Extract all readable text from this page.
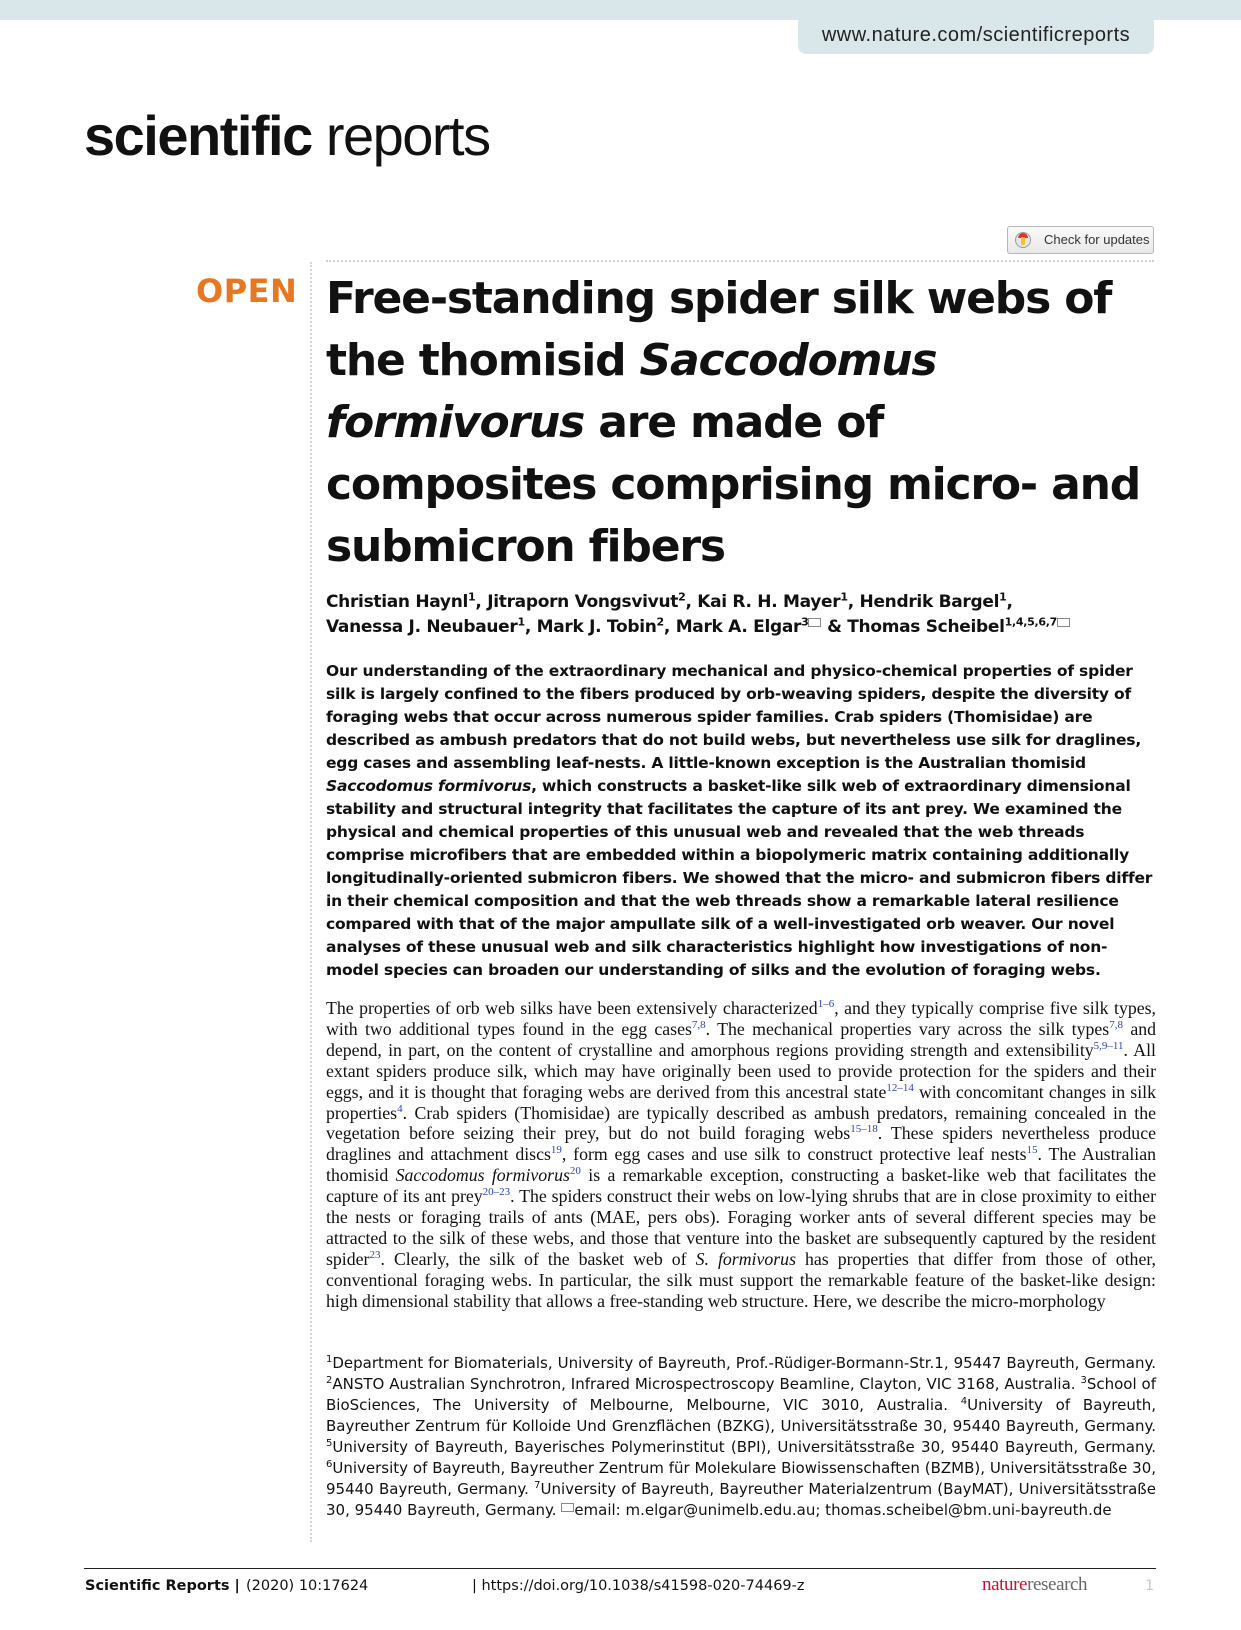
www.nature.com/scientificreports
scientific reports
Check for updates
OPEN Free-standing spider silk webs of the thomisid Saccodomus formivorus are made of composites comprising micro- and submicron fibers

Christian Haynl$^1$, Jitraporn Vongsvivut$^2$, Kai R. H. Mayer$^1$, Hendrik Bargel$^1$,
Vanessa J. Neubauer$^1$, Mark J. Tobin$^2$, Mark A. Elgar$^3$ & Thomas Scheibel$^{1,4,5,6,7}$

Our understanding of the extraordinary mechanical and physico-chemical properties of spider silk is largely confined to the fibers produced by orb-weaving spiders, despite the diversity of foraging webs that occur across numerous spider families. Crab spiders (Thomisidae) are described as ambush predators that do not build webs, but nevertheless use silk for draglines, egg cases and assembling leaf-nests. A little-known exception is the Australian thomisid Saccodomus formivorus, which constructs a basket-like silk web of extraordinary dimensional stability and structural integrity that facilitates the capture of its ant prey. We examined the physical and chemical properties of this unusual web and revealed that the web threads comprise microfibers that are embedded within a biopolymeric matrix containing additionally longitudinally-oriented submicron fibers. We showed that the micro- and submicron fibers differ in their chemical composition and that the web threads show a remarkable lateral resilience compared with that of the major ampullate silk of a well-investigated orb weaver. Our novel analyses of these unusual web and silk characteristics highlight how investigations of non-model species can broaden our understanding of silks and the evolution of foraging webs.

The properties of orb web silks have been extensively characterized$^{1-6}$, and they typically comprise five silk types, with two additional types found in the egg cases$^{7,8}$. The mechanical properties vary across the silk types$^{7,8}$ and depend, in part, on the content of crystalline and amorphous regions providing strength and extensibility$^{5,9-11}$. All extant spiders produce silk, which may have originally been used to provide protection for the spiders and their eggs, and it is thought that foraging webs are derived from this ancestral state$^{12-14}$ with concomitant changes in silk properties$^4$. Crab spiders (Thomisidae) are typically described as ambush predators, remaining concealed in the vegetation before seizing their prey, but do not build foraging webs$^{15-18}$. These spiders nevertheless produce draglines and attachment discs$^{19}$, form egg cases and use silk to construct protective leaf nests$^{15}$. The Australian thomisid Saccodomus formivorus$^{20}$ is a remarkable exception, constructing a basket-like web that facilitates the capture of its ant prey$^{20-23}$. The spiders construct their webs on low-lying shrubs that are in close proximity to either the nests or foraging trails of ants (MAE, pers obs). Foraging worker ants of several different species may be attracted to the silk of these webs, and those that venture into the basket are subsequently captured by the resident spider$^{23}$. Clearly, the silk of the basket web of S. formivorus has properties that differ from those of other, conventional foraging webs. In particular, the silk must support the remarkable feature of the basket-like design: high dimensional stability that allows a free-standing web structure. Here, we describe the micro-morphology

$^1$Department for Biomaterials, University of Bayreuth, Prof.-Rüdiger-Bormann-Str.1, 95447 Bayreuth, Germany. $^2$ANSTO Australian Synchrotron, Infrared Microspectroscopy Beamline, Clayton, VIC 3168, Australia. $^3$School of BioSciences, The University of Melbourne, Melbourne, VIC 3010, Australia. $^4$University of Bayreuth, Bayreuther Zentrum für Kolloide Und Grenzflächen (BZKG), Universitätsstraße 30, 95440 Bayreuth, Germany. $^5$University of Bayreuth, Bayerisches Polymerinstitut (BPI), Universitätsstraße 30, 95440 Bayreuth, Germany. $^6$University of Bayreuth, Bayreuther Zentrum für Molekulare Biowissenschaften (BZMB), Universitätsstraße 30, 95440 Bayreuth, Germany. $^7$University of Bayreuth, Bayreuther Materialzentrum (BayMAT), Universitätsstraße 30, 95440 Bayreuth, Germany. email: m.elgar@unimelb.edu.au; thomas.scheibel@bm.uni-bayreuth.de

Scientific Reports | (2020) 10:17624	| https://doi.org/10.1038/s41598-020-74469-z	natureresearch	1
